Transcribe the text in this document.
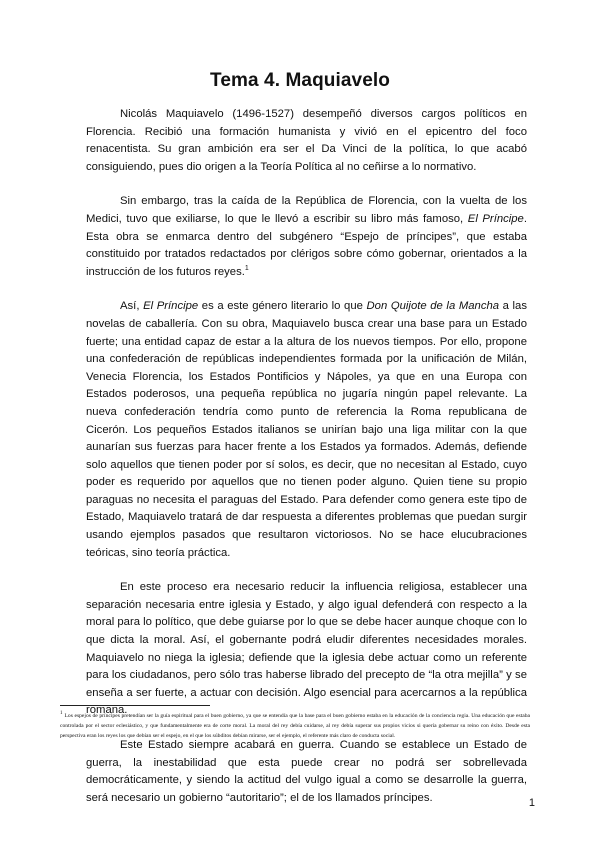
Tema 4. Maquiavelo

Nicolás Maquiavelo (1496-1527) desempeñó diversos cargos políticos en Florencia. Recibió una formación humanista y vivió en el epicentro del foco renacentista. Su gran ambición era ser el Da Vinci de la política, lo que acabó consiguiendo, pues dio origen a la Teoría Política al no ceñirse a lo normativo.

Sin embargo, tras la caída de la República de Florencia, con la vuelta de los Medici, tuvo que exiliarse, lo que le llevó a escribir su libro más famoso, El Príncipe. Esta obra se enmarca dentro del subgénero “Espejo de príncipes”, que estaba constituido por tratados redactados por clérigos sobre cómo gobernar, orientados a la instrucción de los futuros reyes.$^1$

Así, El Príncipe es a este género literario lo que Don Quijote de la Mancha a las novelas de caballería. Con su obra, Maquiavelo busca crear una base para un Estado fuerte; una entidad capaz de estar a la altura de los nuevos tiempos. Por ello, propone una confederación de repúblicas independientes formada por la unificación de Milán, Venecia Florencia, los Estados Pontificios y Nápoles, ya que en una Europa con Estados poderosos, una pequeña república no jugaría ningún papel relevante. La nueva confederación tendría como punto de referencia la Roma republicana de Cicerón. Los pequeños Estados italianos se unirían bajo una liga militar con la que aunarían sus fuerzas para hacer frente a los Estados ya formados. Además, defiende solo aquellos que tienen poder por sí solos, es decir, que no necesitan al Estado, cuyo poder es requerido por aquellos que no tienen poder alguno. Quien tiene su propio paraguas no necesita el paraguas del Estado. Para defender como genera este tipo de Estado, Maquiavelo tratará de dar respuesta a diferentes problemas que puedan surgir usando ejemplos pasados que resultaron victoriosos. No se hace elucubraciones teóricas, sino teoría práctica.

En este proceso era necesario reducir la influencia religiosa, establecer una separación necesaria entre iglesia y Estado, y algo igual defenderá con respecto a la moral para lo político, que debe guiarse por lo que se debe hacer aunque choque con lo que dicta la moral. Así, el gobernante podrá eludir diferentes necesidades morales. Maquiavelo no niega la iglesia; defiende que la iglesia debe actuar como un referente para los ciudadanos, pero sólo tras haberse librado del precepto de “la otra mejilla” y se enseña a ser fuerte, a actuar con decisión. Algo esencial para acercarnos a la república romana.

Este Estado siempre acabará en guerra. Cuando se establece un Estado de guerra, la inestabilidad que esta puede crear no podrá ser sobrellevada democráticamente, y siendo la actitud del vulgo igual a como se desarrolle la guerra, será necesario un gobierno “autoritario”; el de los llamados príncipes.

1 Los espejos de príncipes pretendían ser la guía espiritual para el buen gobierno, ya que se entendía que la base para el buen gobierno estaba en la educación de la conciencia regia. Una educación que estaba controlada por el sector eclesiástico, y que fundamentalmente era de corte moral. La moral del rey debía cuidarse, al rey debía superar sus propios vicios si quería gobernar su reino con éxito. Desde esta perspectiva eran los reyes los que debían ser el espejo, en el que los súbditos debían mirarse, ser el ejemplo, el referente más claro de conducta social.
1
